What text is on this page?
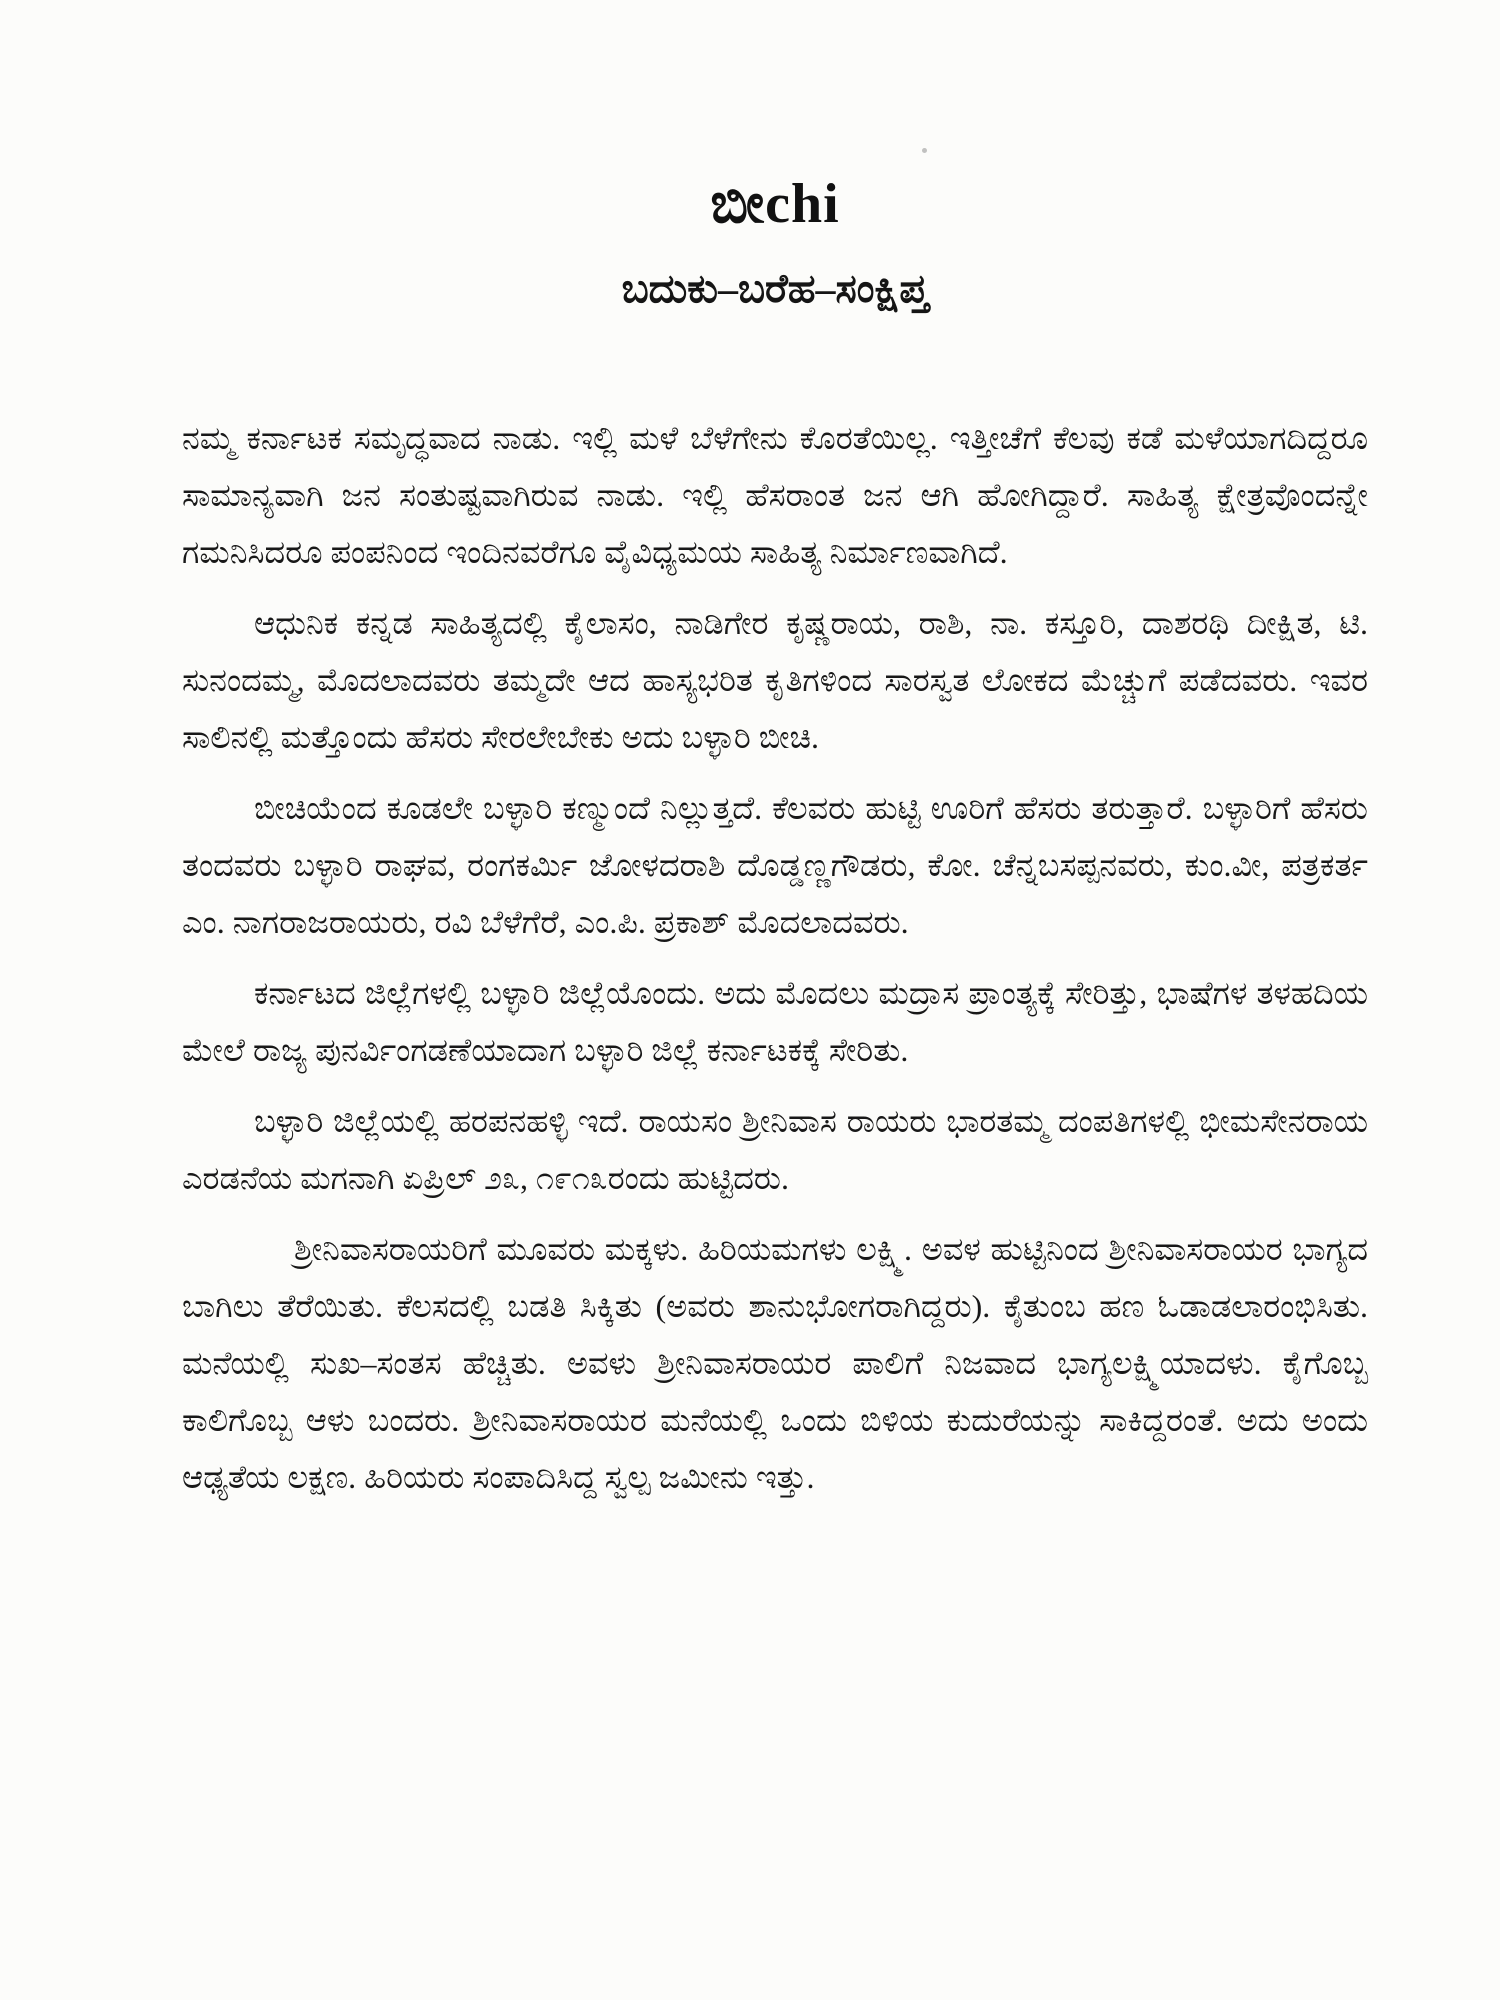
ಬೀchi
ಬದುಕು–ಬರೆಹ–ಸಂಕ್ಷಿಪ್ತ

ನಮ್ಮ ಕರ್ನಾಟಕ ಸಮೃದ್ಧವಾದ ನಾಡು. ಇಲ್ಲಿ ಮಳೆ ಬೆಳೆಗೇನು ಕೊರತೆಯಿಲ್ಲ. ಇತ್ತೀಚೆಗೆ ಕೆಲವು ಕಡೆ ಮಳೆಯಾಗದಿದ್ದರೂ ಸಾಮಾನ್ಯವಾಗಿ ಜನ ಸಂತುಷ್ಟವಾಗಿರುವ ನಾಡು. ಇಲ್ಲಿ ಹೆಸರಾಂತ ಜನ ಆಗಿ ಹೋಗಿದ್ದಾರೆ. ಸಾಹಿತ್ಯ ಕ್ಷೇತ್ರವೊಂದನ್ನೇ ಗಮನಿಸಿದರೂ ಪಂಪನಿಂದ ಇಂದಿನವರೆಗೂ ವೈವಿಧ್ಯಮಯ ಸಾಹಿತ್ಯ ನಿರ್ಮಾಣವಾಗಿದೆ.

ಆಧುನಿಕ ಕನ್ನಡ ಸಾಹಿತ್ಯದಲ್ಲಿ ಕೈಲಾಸಂ, ನಾಡಿಗೇರ ಕೃಷ್ಣರಾಯ, ರಾಶಿ, ನಾ. ಕಸ್ತೂರಿ, ದಾಶರಥಿ ದೀಕ್ಷಿತ, ಟಿ. ಸುನಂದಮ್ಮ, ಮೊದಲಾದವರು ತಮ್ಮದೇ ಆದ ಹಾಸ್ಯಭರಿತ ಕೃತಿಗಳಿಂದ ಸಾರಸ್ವತ ಲೋಕದ ಮೆಚ್ಚುಗೆ ಪಡೆದವರು. ಇವರ ಸಾಲಿನಲ್ಲಿ ಮತ್ತೊಂದು ಹೆಸರು ಸೇರಲೇಬೇಕು ಅದು ಬಳ್ಳಾರಿ ಬೀಚಿ.

ಬೀಚಿಯೆಂದ ಕೂಡಲೇ ಬಳ್ಳಾರಿ ಕಣ್ಮುಂದೆ ನಿಲ್ಲುತ್ತದೆ. ಕೆಲವರು ಹುಟ್ಟಿ ಊರಿಗೆ ಹೆಸರು ತರುತ್ತಾರೆ. ಬಳ್ಳಾರಿಗೆ ಹೆಸರು ತಂದವರು ಬಳ್ಳಾರಿ ರಾಘವ, ರಂಗಕರ್ಮಿ ಜೋಳದರಾಶಿ ದೊಡ್ಡಣ್ಣಗೌಡರು, ಕೋ. ಚೆನ್ನಬಸಪ್ಪನವರು, ಕುಂ.ವೀ, ಪತ್ರಕರ್ತ ಎಂ. ನಾಗರಾಜರಾಯರು, ರವಿ ಬೆಳೆಗೆರೆ, ಎಂ.ಪಿ. ಪ್ರಕಾಶ್ ಮೊದಲಾದವರು.

ಕರ್ನಾಟದ ಜಿಲ್ಲೆಗಳಲ್ಲಿ ಬಳ್ಳಾರಿ ಜಿಲ್ಲೆಯೊಂದು. ಅದು ಮೊದಲು ಮದ್ರಾಸ ಪ್ರಾಂತ್ಯಕ್ಕೆ ಸೇರಿತ್ತು, ಭಾಷೆಗಳ ತಳಹದಿಯ ಮೇಲೆ ರಾಜ್ಯ ಪುನರ್ವಿಂಗಡಣೆಯಾದಾಗ ಬಳ್ಳಾರಿ ಜಿಲ್ಲೆ ಕರ್ನಾಟಕಕ್ಕೆ ಸೇರಿತು.

ಬಳ್ಳಾರಿ ಜಿಲ್ಲೆಯಲ್ಲಿ ಹರಪನಹಳ್ಳಿ ಇದೆ. ರಾಯಸಂ ಶ್ರೀನಿವಾಸ ರಾಯರು ಭಾರತಮ್ಮ ದಂಪತಿಗಳಲ್ಲಿ ಭೀಮಸೇನರಾಯ ಎರಡನೆಯ ಮಗನಾಗಿ ಏಪ್ರಿಲ್ ೨೩, ೧೯೧೩ರಂದು ಹುಟ್ಟಿದರು.

ಶ್ರೀನಿವಾಸರಾಯರಿಗೆ ಮೂವರು ಮಕ್ಕಳು. ಹಿರಿಯಮಗಳು ಲಕ್ಷ್ಮಿ. ಅವಳ ಹುಟ್ಟಿನಿಂದ ಶ್ರೀನಿವಾಸರಾಯರ ಭಾಗ್ಯದ ಬಾಗಿಲು ತೆರೆಯಿತು. ಕೆಲಸದಲ್ಲಿ ಬಡತಿ ಸಿಕ್ಕಿತು (ಅವರು ಶಾನುಭೋಗರಾಗಿದ್ದರು). ಕೈತುಂಬ ಹಣ ಓಡಾಡಲಾರಂಭಿಸಿತು. ಮನೆಯಲ್ಲಿ ಸುಖ–ಸಂತಸ ಹೆಚ್ಚಿತು. ಅವಳು ಶ್ರೀನಿವಾಸರಾಯರ ಪಾಲಿಗೆ ನಿಜವಾದ ಭಾಗ್ಯಲಕ್ಷ್ಮಿಯಾದಳು. ಕೈಗೊಬ್ಬ ಕಾಲಿಗೊಬ್ಬ ಆಳು ಬಂದರು. ಶ್ರೀನಿವಾಸರಾಯರ ಮನೆಯಲ್ಲಿ ಒಂದು ಬಿಳಿಯ ಕುದುರೆಯನ್ನು ಸಾಕಿದ್ದರಂತೆ. ಅದು ಅಂದು ಆಢ್ಯತೆಯ ಲಕ್ಷಣ. ಹಿರಿಯರು ಸಂಪಾದಿಸಿದ್ದ ಸ್ವಲ್ಪ ಜಮೀನು ಇತ್ತು.
